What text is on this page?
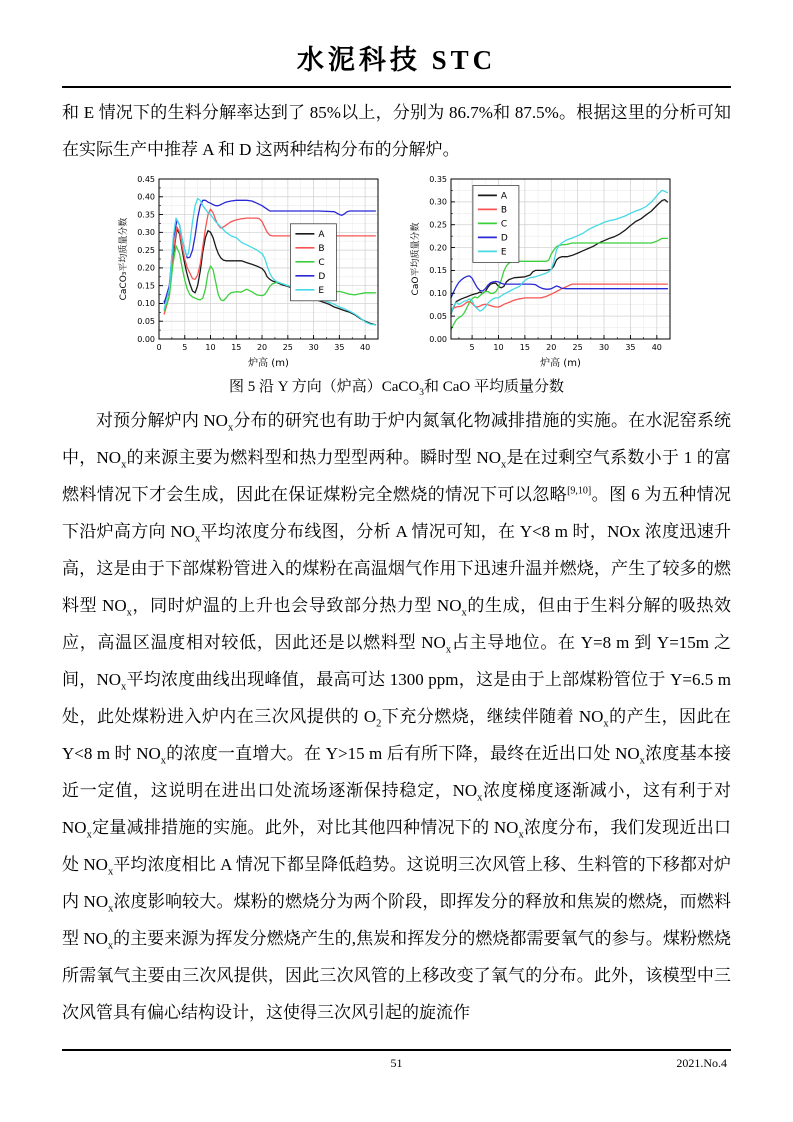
水泥科技 STC

和 E 情况下的生料分解率达到了 85%以上，分别为 86.7%和 87.5%。根据这里的分析可知在实际生产中推荐 A 和 D 这两种结构分布的分解炉。

0	5 10 15 20 25 30 35 40
0.00
0.05
0.10
0.15
0.20
0.25
0.30
0.35
0.40
0.45
炉高 (m)
CaCO₃平均质量分数	A
B
C
D
E
5 10 15 20 25 30 35 40
0.00
0.05
0.10
0.15
0.20
0.25
0.30
0.35
炉高 (m)
CaO平均质量分数
A
B
C
D
E
图 5 沿 Y 方向（炉高）CaCO$_3$和 CaO 平均质量分数

对预分解炉内 $NO_x$分布的研究也有助于炉内氮氧化物减排措施的实施。在水泥窑系统中，$NO_x$的来源主要为燃料型和热力型型两种。瞬时型 $NO_x$是在过剩空气系数小于 1 的富燃料情况下才会生成，因此在保证煤粉完全燃烧的情况下可以忽略[9,10]。图 6 为五种情况下沿炉高方向 $NO_x$平均浓度分布线图，分析 A 情况可知，在 Y<8 m 时，NOx 浓度迅速升高，这是由于下部煤粉管进入的煤粉在高温烟气作用下迅速升温并燃烧，产生了较多的燃料型 $NO_x$，同时炉温的上升也会导致部分热力型 $NO_x$的生成，但由于生料分解的吸热效应，高温区温度相对较低，因此还是以燃料型 $NO_x$占主导地位。在 Y=8 m 到 Y=15m 之间，$NO_x$平均浓度曲线出现峰值，最高可达 1300 ppm，这是由于上部煤粉管位于 Y=6.5 m 处，此处煤粉进入炉内在三次风提供的 $O_2$下充分燃烧，继续伴随着 $NO_x$的产生，因此在 Y<8 m 时 $NO_x$的浓度一直增大。在 Y>15 m 后有所下降，最终在近出口处 $NO_x$浓度基本接近一定值，这说明在进出口处流场逐渐保持稳定，$NO_x$浓度梯度逐渐减小，这有利于对 $NO_x$定量减排措施的实施。此外，对比其他四种情况下的 $NO_x$浓度分布，我们发现近出口处 $NO_x$平均浓度相比 A 情况下都呈降低趋势。这说明三次风管上移、生料管的下移都对炉内 $NO_x$浓度影响较大。煤粉的燃烧分为两个阶段，即挥发分的释放和焦炭的燃烧，而燃料型 $NO_x$的主要来源为挥发分燃烧产生的,焦炭和挥发分的燃烧都需要氧气的参与。煤粉燃烧所需氧气主要由三次风提供，因此三次风管的上移改变了氧气的分布。此外，该模型中三次风管具有偏心结构设计，这使得三次风引起的旋流作

51	2021.No.4
